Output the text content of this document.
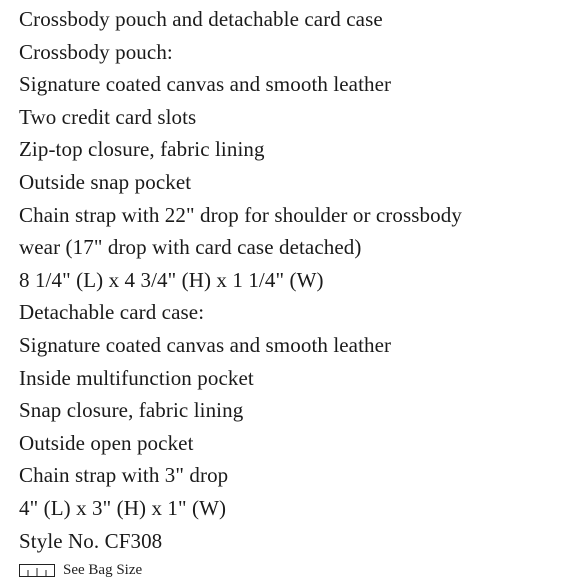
Crossbody pouch and detachable card case
Crossbody pouch:
Signature coated canvas and smooth leather
Two credit card slots
Zip-top closure, fabric lining
Outside snap pocket
Chain strap with 22" drop for shoulder or crossbody
wear (17" drop with card case detached)
8 1/4" (L) x 4 3/4" (H) x 1 1/4" (W)
Detachable card case:
Signature coated canvas and smooth leather
Inside multifunction pocket
Snap closure, fabric lining
Outside open pocket
Chain strap with 3" drop
4" (L) x 3" (H) x 1" (W)
Style No. CF308
See Bag Size
